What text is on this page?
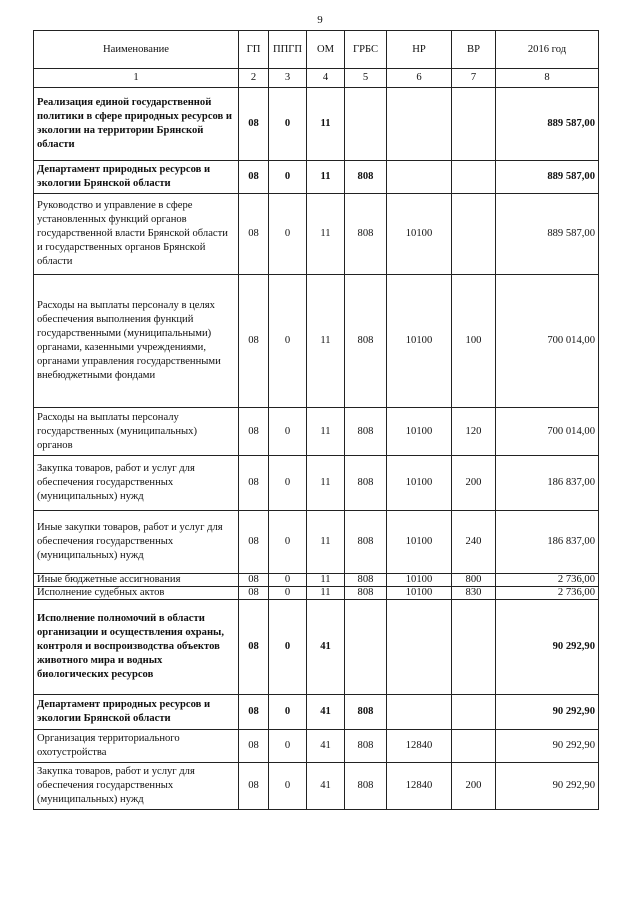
9
Наименование	ГП	ППГП	ОМ	ГРБС	НР	ВР	2016 год
1	2	3	4	5	6	7	8
Реализация единой государственной политики в сфере природных ресурсов и экологии на территории Брянской области	08	0	11				889 587,00
Департамент природных ресурсов и экологии Брянской области	08	0	11	808			889 587,00
Руководство и управление в сфере установленных функций органов государственной власти Брянской области и государственных органов Брянской области	08	0	11	808	10100		889 587,00
Расходы на выплаты персоналу в целях обеспечения выполнения функций государственными (муниципальными) органами, казенными учреждениями, органами управления государственными внебюджетными фондами	08	0	11	808	10100	100	700 014,00
Расходы на выплаты персоналу государственных (муниципальных) органов	08	0	11	808	10100	120	700 014,00
Закупка товаров, работ и услуг для обеспечения государственных (муниципальных) нужд	08	0	11	808	10100	200	186 837,00
Иные закупки товаров, работ и услуг для обеспечения государственных (муниципальных) нужд	08	0	11	808	10100	240	186 837,00
Иные бюджетные ассигнования	08	0	11	808	10100	800	2 736,00
Исполнение судебных актов	08	0	11	808	10100	830	2 736,00
Исполнение полномочий в области организации и осуществления охраны, контроля и воспроизводства объектов животного мира и водных биологических ресурсов	08	0	41				90 292,90
Департамент природных ресурсов и экологии Брянской области	08	0	41	808			90 292,90
Организация территориального охотустройства	08	0	41	808	12840		90 292,90
Закупка товаров, работ и услуг для обеспечения государственных (муниципальных) нужд	08	0	41	808	12840	200	90 292,90
